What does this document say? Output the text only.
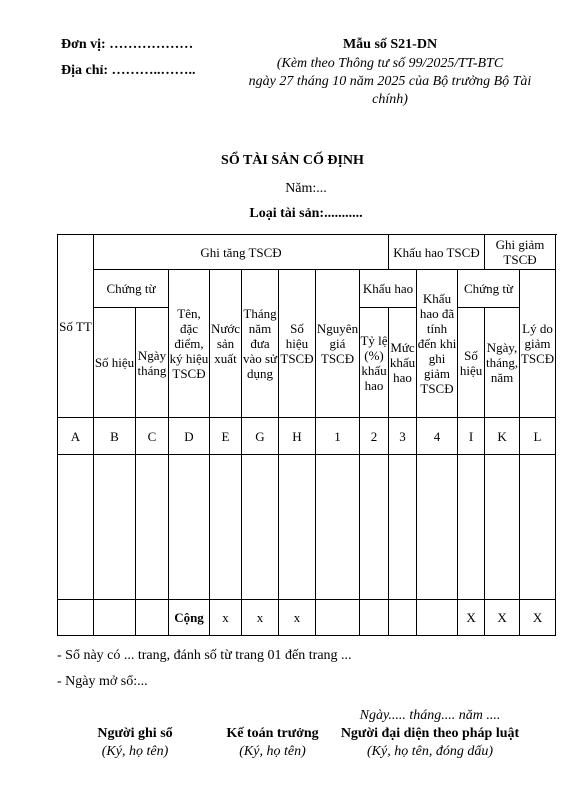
Đơn vị: ………………
Địa chỉ: ………..……..
Mẫu số S21-DN
(Kèm theo Thông tư số 99/2025/TT-BTC
ngày 27 tháng 10 năm 2025 của Bộ trưởng Bộ Tài
chính)
SỔ TÀI SẢN CỐ ĐỊNH
Năm:...
Loại tài sản:...........
Số TT	Ghi tăng TSCĐ								Khấu hao TSCĐ			Ghi giảm TSCĐ	
	Chứng từ		Tên, đặc điểm, ký hiệu TSCĐ	Nước sản xuất	Tháng năm đưa vào sử dụng	Số hiệu TSCĐ	Nguyên giá TSCĐ	Khấu hao		Khấu hao đã tính đến khi ghi giảm TSCĐ	Chứng từ		Lý do giảm TSCĐ
	Số hiệu	Ngày tháng						Tỷ lệ (%) khấu hao	Mức khấu hao		Số hiệu	Ngày, tháng, năm	
A	B	C	D	E	G	H	1	2	3	4	I	K	L

			Cộng	x	x	x					X	X	X
- Sổ này có ... trang, đánh số từ trang 01 đến trang ...
- Ngày mở sổ:...
Ngày..... tháng.... năm ....
Người ghi sổ
(Ký, họ tên)
Kế toán trưởng
(Ký, họ tên)
Người đại diện theo pháp luật
(Ký, họ tên, đóng dấu)
